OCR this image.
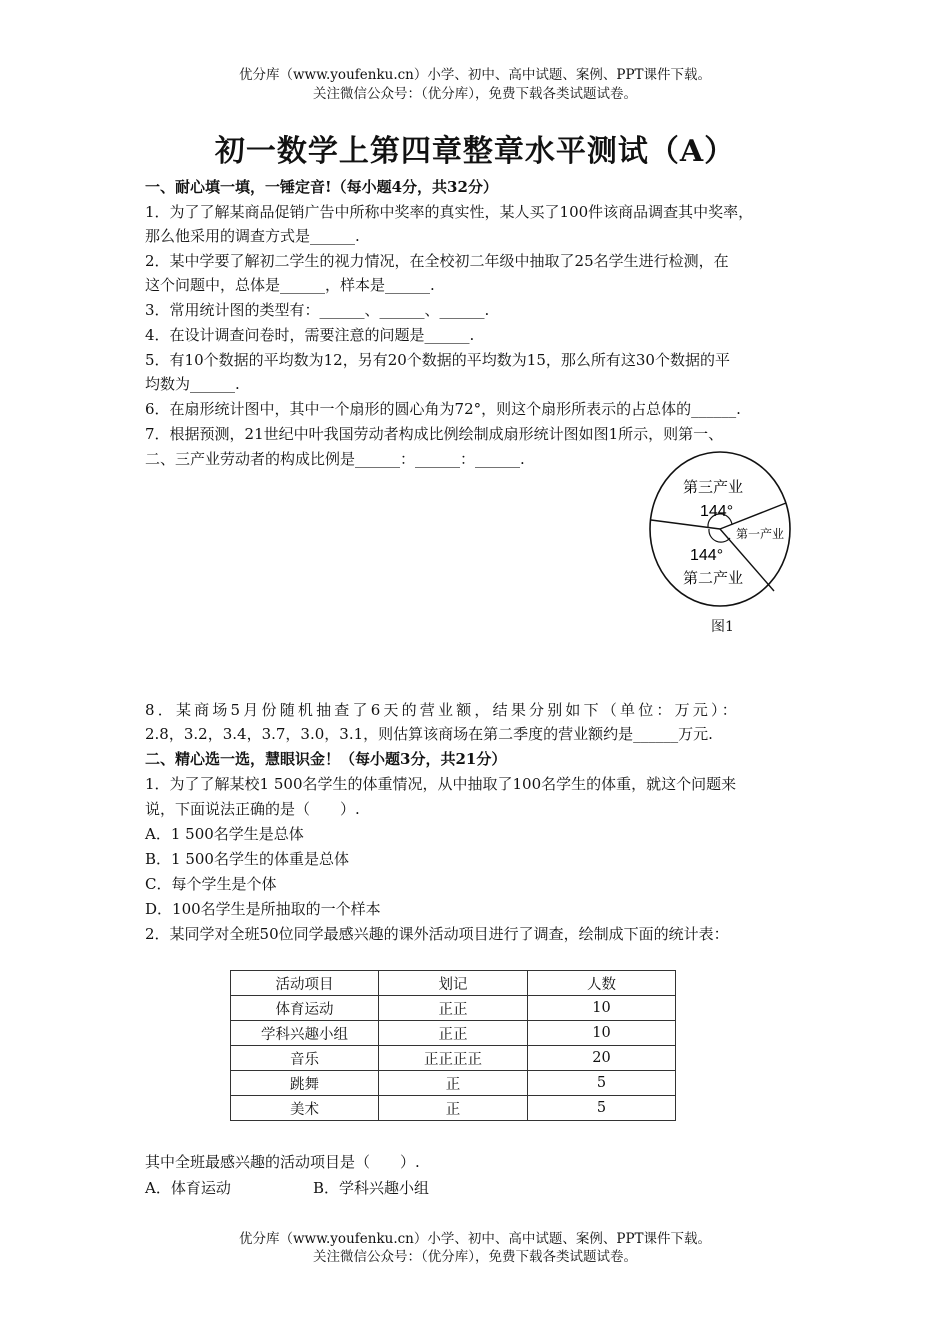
优分库（www.youfenku.cn）小学、初中、高中试题、案例、PPT课件下载。
关注微信公众号：（优分库），免费下载各类试题试卷。
初一数学上第四章整章水平测试（A）
一、耐心填一填，一锤定音!（每小题4分，共32分）
1．为了了解某商品促销广告中所称中奖率的真实性，某人买了100件该商品调查其中奖率，
那么他采用的调查方式是______.
2．某中学要了解初二学生的视力情况，在全校初二年级中抽取了25名学生进行检测，在
这个问题中，总体是______，样本是______.
3．常用统计图的类型有：______、______、______.
4．在设计调查问卷时，需要注意的问题是______.
5．有10个数据的平均数为12，另有20个数据的平均数为15，那么所有这30个数据的平
均数为______.
6．在扇形统计图中，其中一个扇形的圆心角为72°，则这个扇形所表示的占总体的______.
7．根据预测，21世纪中叶我国劳动者构成比例绘制成扇形统计图如图1所示，则第一、
二、三产业劳动者的构成比例是______：______：______.
第三产业
144°
第一产业
144°
第二产业
图1
8．某商场5月份随机抽查了6天的营业额，结果分别如下（单位：万元）：
2.8，3.2，3.4，3.7，3.0，3.1，则估算该商场在第二季度的营业额约是______万元.
二、精心选一选，慧眼识金！（每小题3分，共21分）
1．为了了解某校1 500名学生的体重情况，从中抽取了100名学生的体重，就这个问题来
说，下面说法正确的是（　　）.
A．1 500名学生是总体
B．1 500名学生的体重是总体
C．每个学生是个体
D．100名学生是所抽取的一个样本
2．某同学对全班50位同学最感兴趣的课外活动项目进行了调查，绘制成下面的统计表：
活动项目	划记	人数
体育运动	正正	10
学科兴趣小组	正正	10
音乐	正正正正	20
跳舞	正	5
美术	正	5
其中全班最感兴趣的活动项目是（　　）.
A．体育运动	B．学科兴趣小组
优分库（www.youfenku.cn）小学、初中、高中试题、案例、PPT课件下载。
关注微信公众号：（优分库），免费下载各类试题试卷。
